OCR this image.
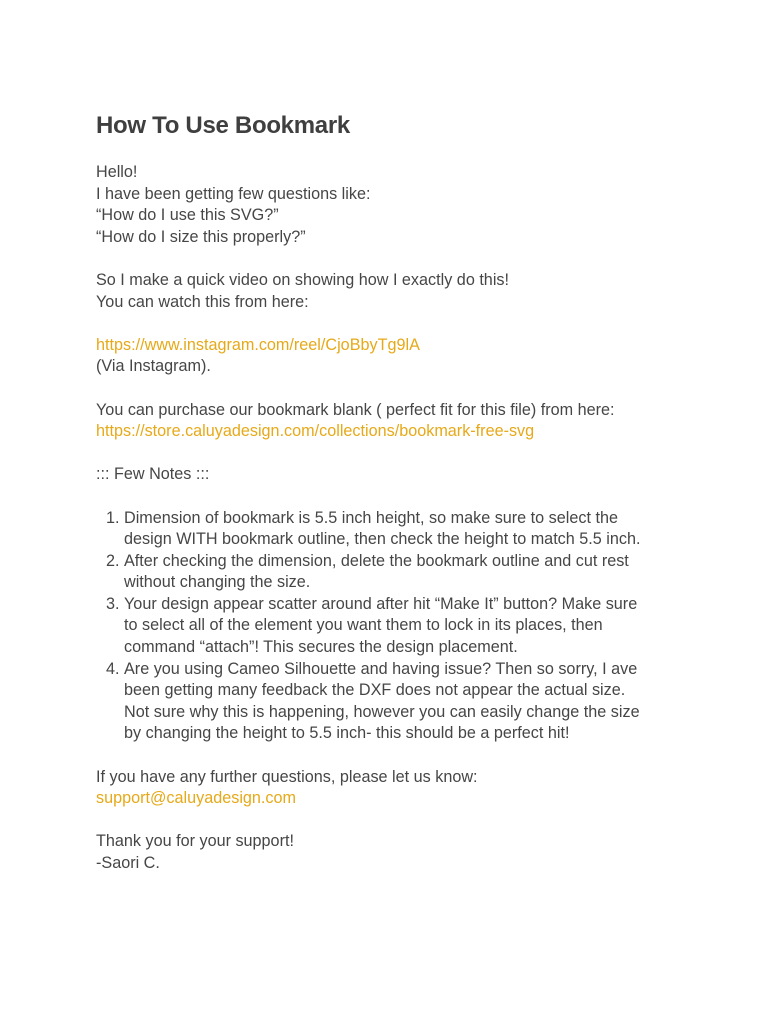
How To Use Bookmark

Hello!
I have been getting few questions like:
“How do I use this SVG?”
“How do I size this properly?”

So I make a quick video on showing how I exactly do this!
You can watch this from here:

https://www.instagram.com/reel/CjoBbyTg9lA
(Via Instagram).

You can purchase our bookmark blank ( perfect fit for this file) from here:
https://store.caluyadesign.com/collections/bookmark-free-svg

::: Few Notes :::

1. Dimension of bookmark is 5.5 inch height, so make sure to select the
design WITH bookmark outline, then check the height to match 5.5 inch.
2. After checking the dimension, delete the bookmark outline and cut rest
without changing the size.
3. Your design appear scatter around after hit “Make It” button? Make sure
to select all of the element you want them to lock in its places, then
command “attach”! This secures the design placement.
4. Are you using Cameo Silhouette and having issue? Then so sorry, I ave
been getting many feedback the DXF does not appear the actual size.
Not sure why this is happening, however you can easily change the size
by changing the height to 5.5 inch- this should be a perfect hit!

If you have any further questions, please let us know:
support@caluyadesign.com

Thank you for your support!
-Saori C.
